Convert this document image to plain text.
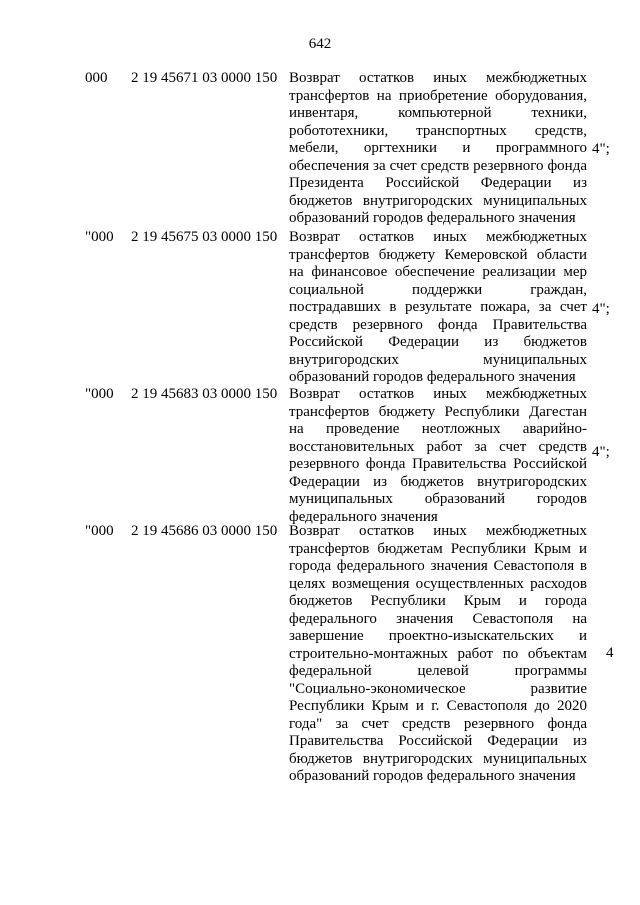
642
000 2 19 45671 03 0000 150 Возврат остатков иных межбюджетных трансфертов на приобретение оборудования, инвентаря, компьютерной техники, робототехники, транспортных средств, мебели, оргтехники и программного обеспечения за счет средств резервного фонда Президента Российской Федерации из бюджетов внутригородских муниципальных образований городов федерального значения
4";
"000 2 19 45675 03 0000 150 Возврат остатков иных межбюджетных трансфертов бюджету Кемеровской области на финансовое обеспечение реализации мер социальной поддержки граждан, пострадавших в результате пожара, за счет средств резервного фонда Правительства Российской Федерации из бюджетов внутригородских муниципальных образований городов федерального значения
4";
"000 2 19 45683 03 0000 150 Возврат остатков иных межбюджетных трансфертов бюджету Республики Дагестан на проведение неотложных аварийно-восстановительных работ за счет средств резервного фонда Правительства Российской Федерации из бюджетов внутригородских муниципальных образований городов федерального значения
4";
"000 2 19 45686 03 0000 150 Возврат остатков иных межбюджетных трансфертов бюджетам Республики Крым и города федерального значения Севастополя в целях возмещения осуществленных расходов бюджетов Республики Крым и города федерального значения Севастополя на завершение проектно-изыскательских и строительно-монтажных работ по объектам федеральной целевой программы "Социально-экономическое развитие Республики Крым и г. Севастополя до 2020 года" за счет средств резервного фонда Правительства Российской Федерации из бюджетов внутригородских муниципальных образований городов федерального значения
4
